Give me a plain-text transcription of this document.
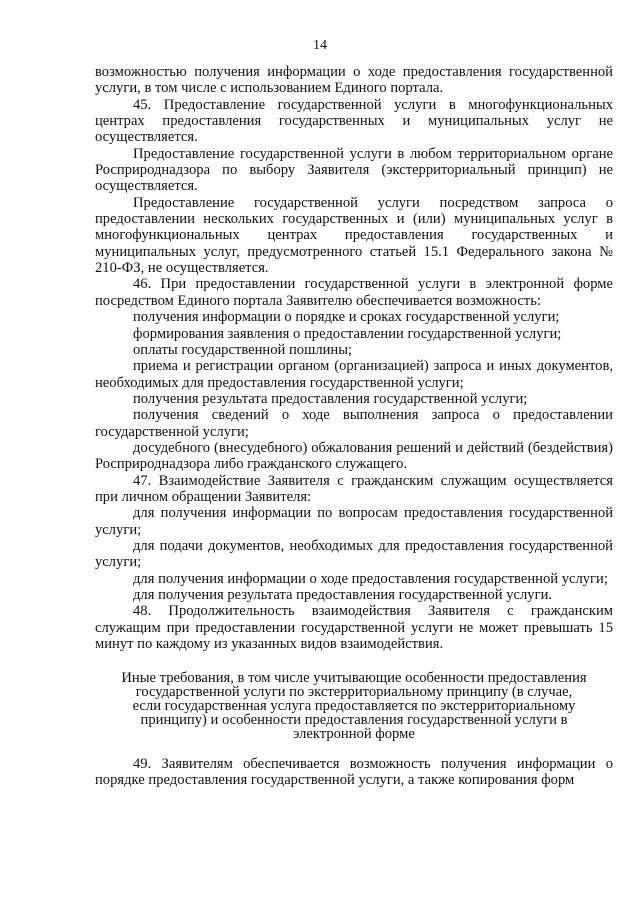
14

возможностью получения информации о ходе предоставления государственной услуги, в том числе с использованием Единого портала.

45. Предоставление государственной услуги в многофункциональных центрах предоставления государственных и муниципальных услуг не осуществляется.

Предоставление государственной услуги в любом территориальном органе Росприроднадзора по выбору Заявителя (экстерриториальный принцип) не осуществляется.

Предоставление государственной услуги посредством запроса о предоставлении нескольких государственных и (или) муниципальных услуг в многофункциональных центрах предоставления государственных и муниципальных услуг, предусмотренного статьей 15.1 Федерального закона № 210-ФЗ, не осуществляется.

46. При предоставлении государственной услуги в электронной форме посредством Единого портала Заявителю обеспечивается возможность:

получения информации о порядке и сроках государственной услуги;

формирования заявления о предоставлении государственной услуги;

оплаты государственной пошлины;

приема и регистрации органом (организацией) запроса и иных документов, необходимых для предоставления государственной услуги;

получения результата предоставления государственной услуги;

получения сведений о ходе выполнения запроса о предоставлении государственной услуги;

досудебного (внесудебного) обжалования решений и действий (бездействия) Росприроднадзора либо гражданского служащего.

47. Взаимодействие Заявителя с гражданским служащим осуществляется при личном обращении Заявителя:

для получения информации по вопросам предоставления государственной услуги;

для подачи документов, необходимых для предоставления государственной услуги;

для получения информации о ходе предоставления государственной услуги;

для получения результата предоставления государственной услуги.

48. Продолжительность взаимодействия Заявителя с гражданским служащим при предоставлении государственной услуги не может превышать 15 минут по каждому из указанных видов взаимодействия.

Иные требования, в том числе учитывающие особенности предоставления государственной услуги по экстерриториальному принципу (в случае, если государственная услуга предоставляется по экстерриториальному принципу) и особенности предоставления государственной услуги в электронной форме

49. Заявителям обеспечивается возможность получения информации о порядке предоставления государственной услуги, а также копирования форм
